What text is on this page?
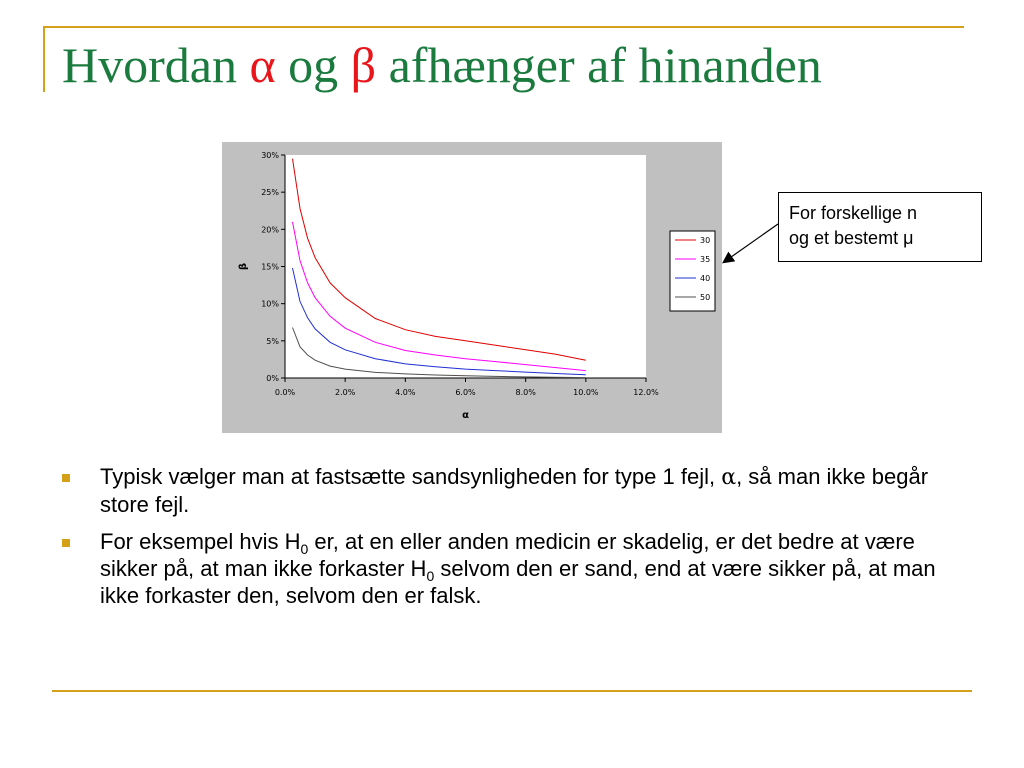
Hvordan α og β afhænger af hinanden
0%
5%
10%
15%
20%
25%
30%
0.0%	2.0%	4.0%	6.0%	8.0%	10.0%	12.0%
α
β
30
35
40
50
For forskellige n
og et bestemt μ
Typisk vælger man at fastsætte sandsynligheden for type 1 fejl, α, så man ikke begår store fejl.
For eksempel hvis $H_0$ er, at en eller anden medicin er skadelig, er det bedre at være sikker på, at man ikke forkaster $H_0$ selvom den er sand, end at være sikker på, at man ikke forkaster den, selvom den er falsk.
